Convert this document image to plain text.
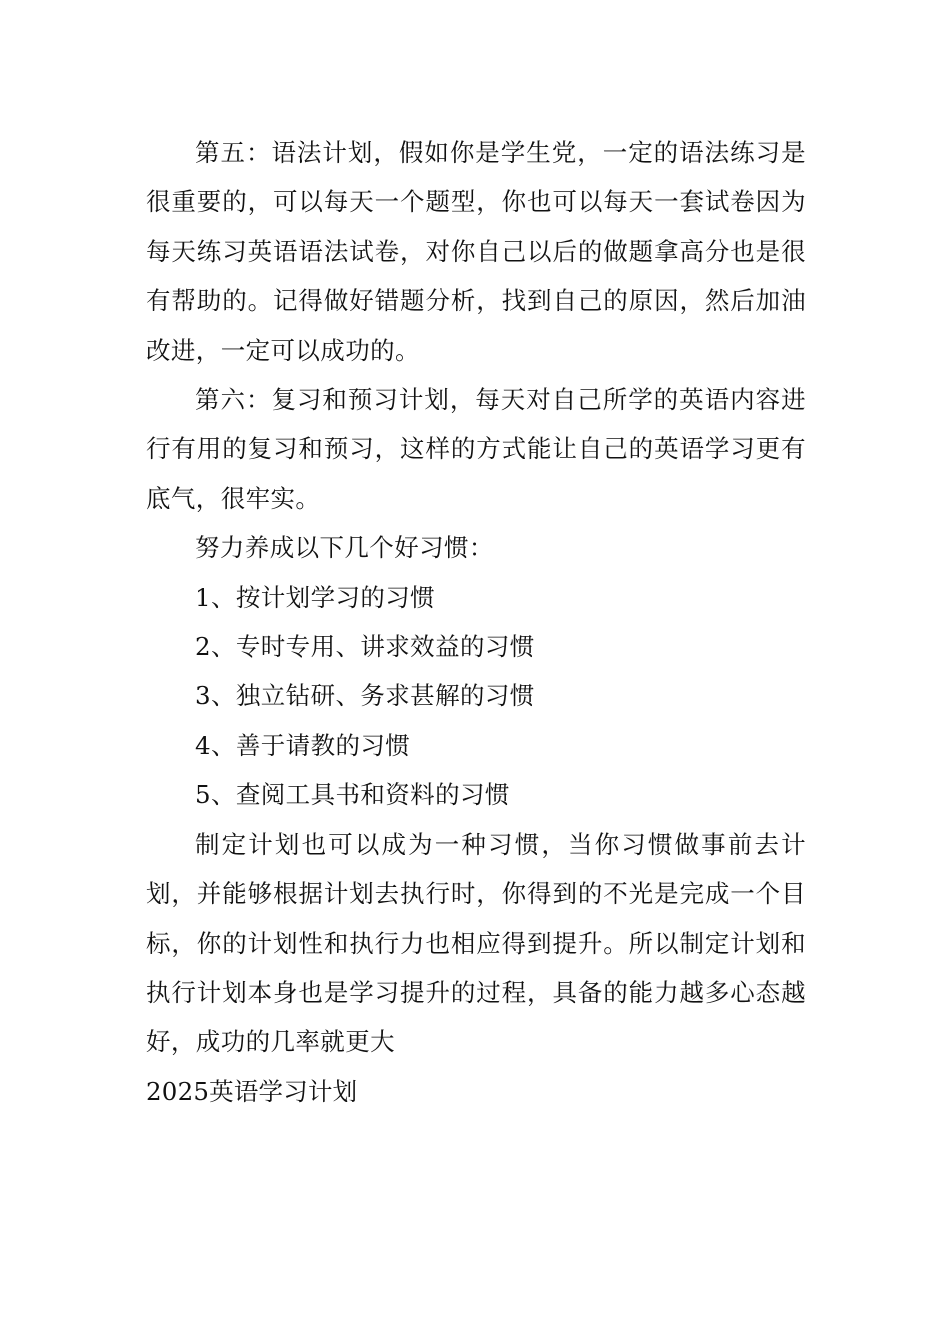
第五：语法计划，假如你是学生党，一定的语法练习是很重要的，可以每天一个题型，你也可以每天一套试卷因为每天练习英语语法试卷，对你自己以后的做题拿高分也是很有帮助的。记得做好错题分析，找到自己的原因，然后加油改进，一定可以成功的。

第六：复习和预习计划，每天对自己所学的英语内容进行有用的复习和预习，这样的方式能让自己的英语学习更有底气，很牢实。

努力养成以下几个好习惯：

1、按计划学习的习惯

2、专时专用、讲求效益的习惯

3、独立钻研、务求甚解的习惯

4、善于请教的习惯

5、查阅工具书和资料的习惯

制定计划也可以成为一种习惯，当你习惯做事前去计划，并能够根据计划去执行时，你得到的不光是完成一个目标，你的计划性和执行力也相应得到提升。所以制定计划和执行计划本身也是学习提升的过程，具备的能力越多心态越好，成功的几率就更大

2025英语学习计划
